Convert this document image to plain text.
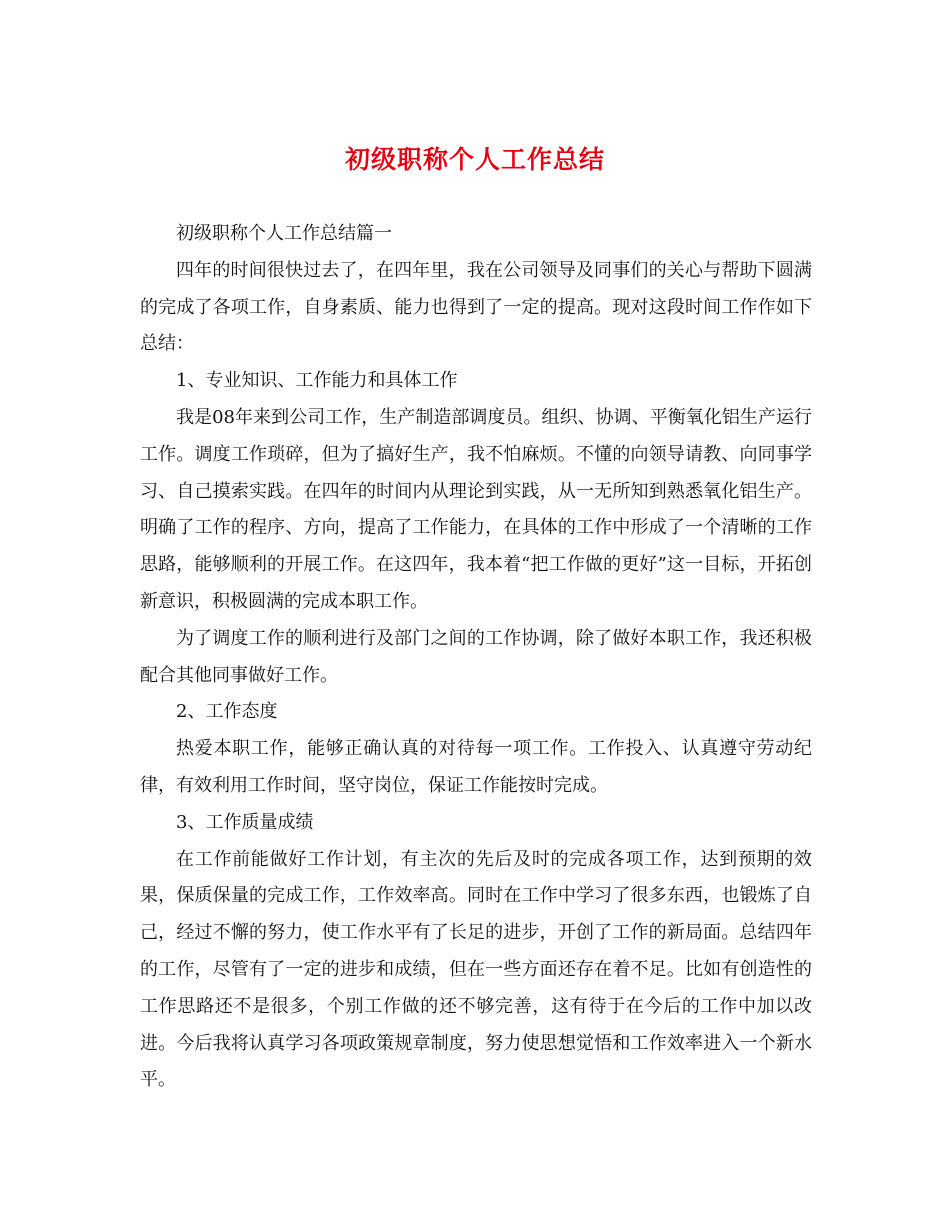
初级职称个人工作总结

初级职称个人工作总结篇一

四年的时间很快过去了，在四年里，我在公司领导及同事们的关心与帮助下圆满的完成了各项工作，自身素质、能力也得到了一定的提高。现对这段时间工作作如下总结：

1、专业知识、工作能力和具体工作

我是08年来到公司工作，生产制造部调度员。组织、协调、平衡氧化铝生产运行工作。调度工作琐碎，但为了搞好生产，我不怕麻烦。不懂的向领导请教、向同事学习、自己摸索实践。在四年的时间内从理论到实践，从一无所知到熟悉氧化铝生产。明确了工作的程序、方向，提高了工作能力，在具体的工作中形成了一个清晰的工作思路，能够顺利的开展工作。在这四年，我本着“把工作做的更好”这一目标，开拓创新意识，积极圆满的完成本职工作。

为了调度工作的顺利进行及部门之间的工作协调，除了做好本职工作，我还积极配合其他同事做好工作。

2、工作态度

热爱本职工作，能够正确认真的对待每一项工作。工作投入、认真遵守劳动纪律，有效利用工作时间，坚守岗位，保证工作能按时完成。

3、工作质量成绩

在工作前能做好工作计划，有主次的先后及时的完成各项工作，达到预期的效果，保质保量的完成工作，工作效率高。同时在工作中学习了很多东西，也锻炼了自己，经过不懈的努力，使工作水平有了长足的进步，开创了工作的新局面。总结四年的工作，尽管有了一定的进步和成绩，但在一些方面还存在着不足。比如有创造性的工作思路还不是很多，个别工作做的还不够完善，这有待于在今后的工作中加以改进。今后我将认真学习各项政策规章制度，努力使思想觉悟和工作效率进入一个新水平。
